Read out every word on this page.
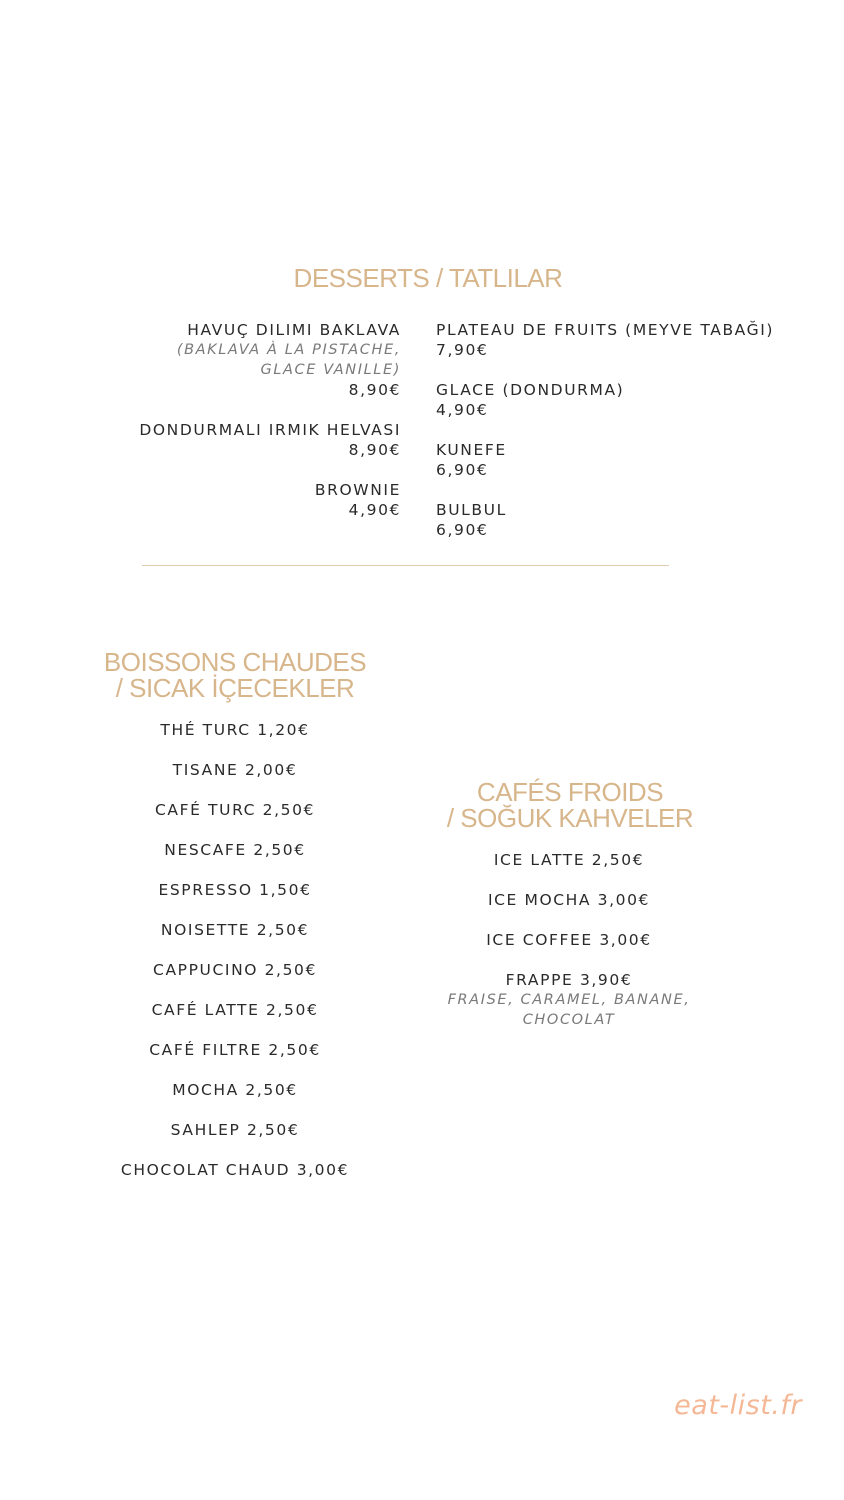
DESSERTS / TATLILAR
HAVUÇ DILIMI BAKLAVA
(BAKLAVA À LA PISTACHE,
GLACE VANILLE)
8,90€
DONDURMALI IRMIK HELVASI
8,90€
BROWNIE
4,90€
PLATEAU DE FRUITS (MEYVE TABAĞI)
7,90€
GLACE (DONDURMA)
4,90€
KUNEFE
6,90€
BULBUL
6,90€
BOISSONS CHAUDES
/ SICAK İÇECEKLER
THÉ TURC 1,20€
TISANE 2,00€
CAFÉ TURC 2,50€
NESCAFE 2,50€
ESPRESSO 1,50€
NOISETTE 2,50€
CAPPUCINO 2,50€
CAFÉ LATTE 2,50€
CAFÉ FILTRE 2,50€
MOCHA 2,50€
SAHLEP 2,50€
CHOCOLAT CHAUD 3,00€
CAFÉS FROIDS
/ SOĞUK KAHVELER
ICE LATTE 2,50€
ICE MOCHA 3,00€
ICE COFFEE 3,00€
FRAPPE 3,90€
FRAISE, CARAMEL, BANANE,
CHOCOLAT
eat-list.fr
